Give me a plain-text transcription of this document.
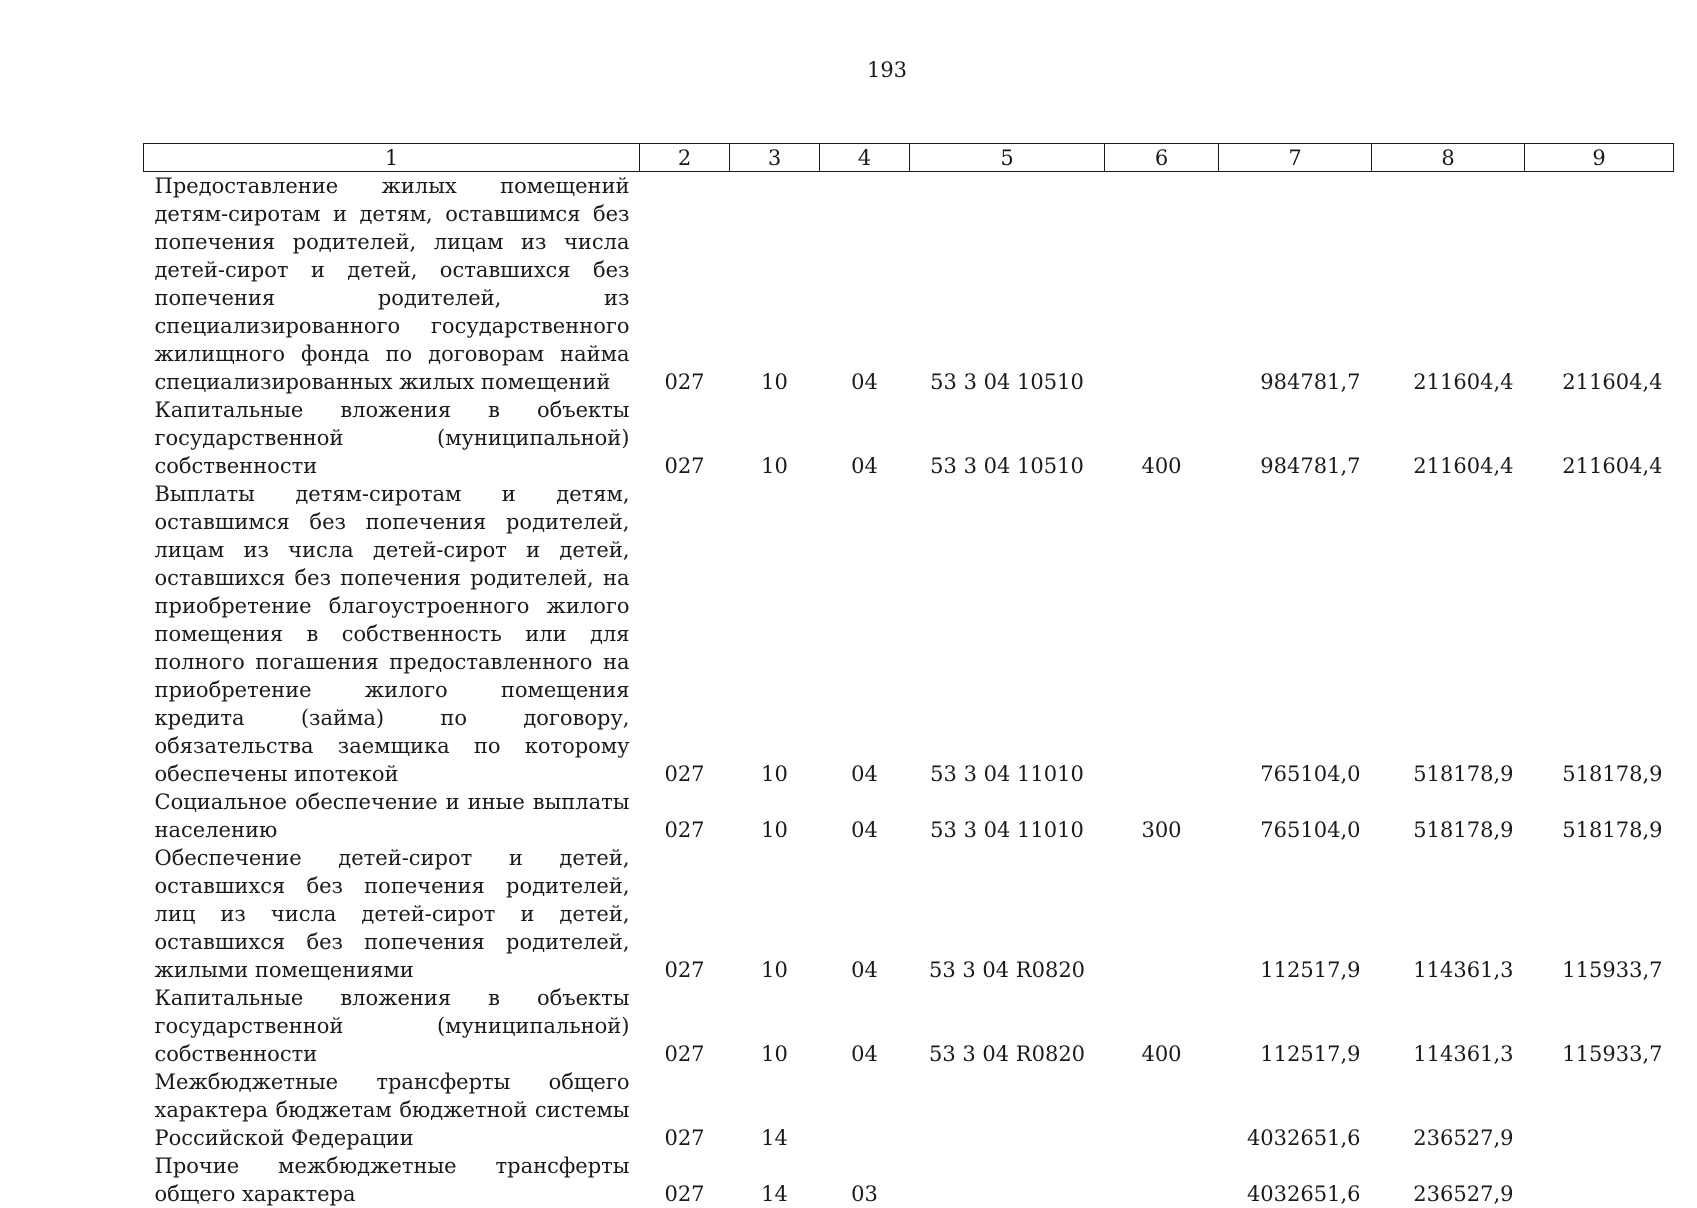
193
1	2	3	4	5	6	7	8	9
Предоставление жилых помещений детям-сиротам и детям, оставшимся без попечения родителей, лицам из числа детей-сирот и детей, оставшихся без попечения родителей, из специализированного государственного жилищного фонда по договорам найма специализированных жилых помещений	027	10	04	53 3 04 10510		984781,7	211604,4	211604,4
Капитальные вложения в объекты государственной (муниципальной) собственности	027	10	04	53 3 04 10510	400	984781,7	211604,4	211604,4
Выплаты детям-сиротам и детям, оставшимся без попечения родителей, лицам из числа детей-сирот и детей, оставшихся без попечения родителей, на приобретение благоустроенного жилого помещения в собственность или для полного погашения предоставленного на приобретение жилого помещения кредита (займа) по договору, обязательства заемщика по которому обеспечены ипотекой	027	10	04	53 3 04 11010		765104,0	518178,9	518178,9
Социальное обеспечение и иные выплаты населению	027	10	04	53 3 04 11010	300	765104,0	518178,9	518178,9
Обеспечение детей-сирот и детей, оставшихся без попечения родителей, лиц из числа детей-сирот и детей, оставшихся без попечения родителей, жилыми помещениями	027	10	04	53 3 04 R0820		112517,9	114361,3	115933,7
Капитальные вложения в объекты государственной (муниципальной) собственности	027	10	04	53 3 04 R0820	400	112517,9	114361,3	115933,7
Межбюджетные трансферты общего характера бюджетам бюджетной системы Российской Федерации	027	14				4032651,6	236527,9	
Прочие межбюджетные трансферты общего характера	027	14	03			4032651,6	236527,9	
